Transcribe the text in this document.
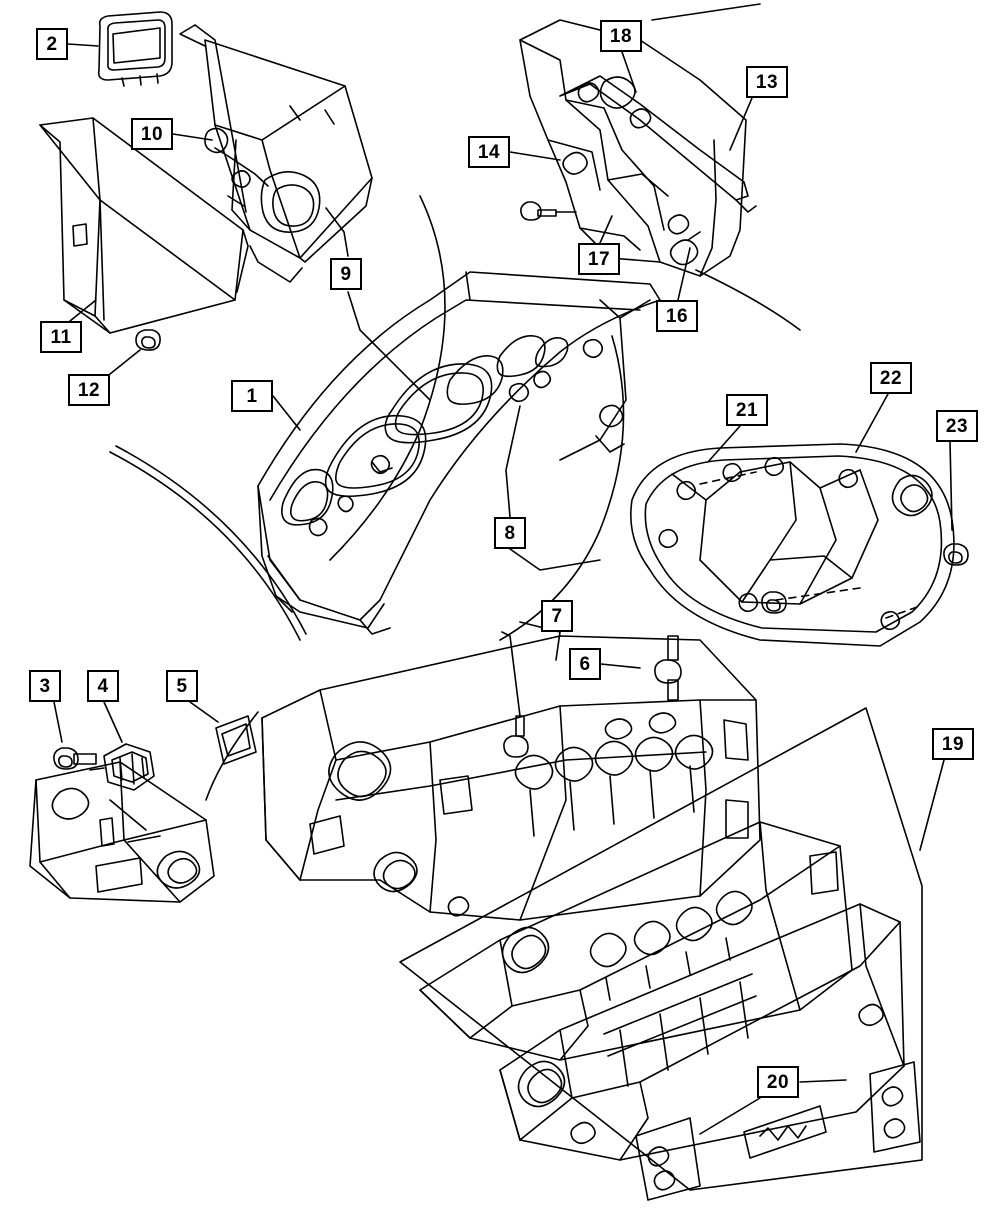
1
2
3	4	5
6
7
8
9
10
11
12
13
14
16
17
18
19
20
21
22
23
